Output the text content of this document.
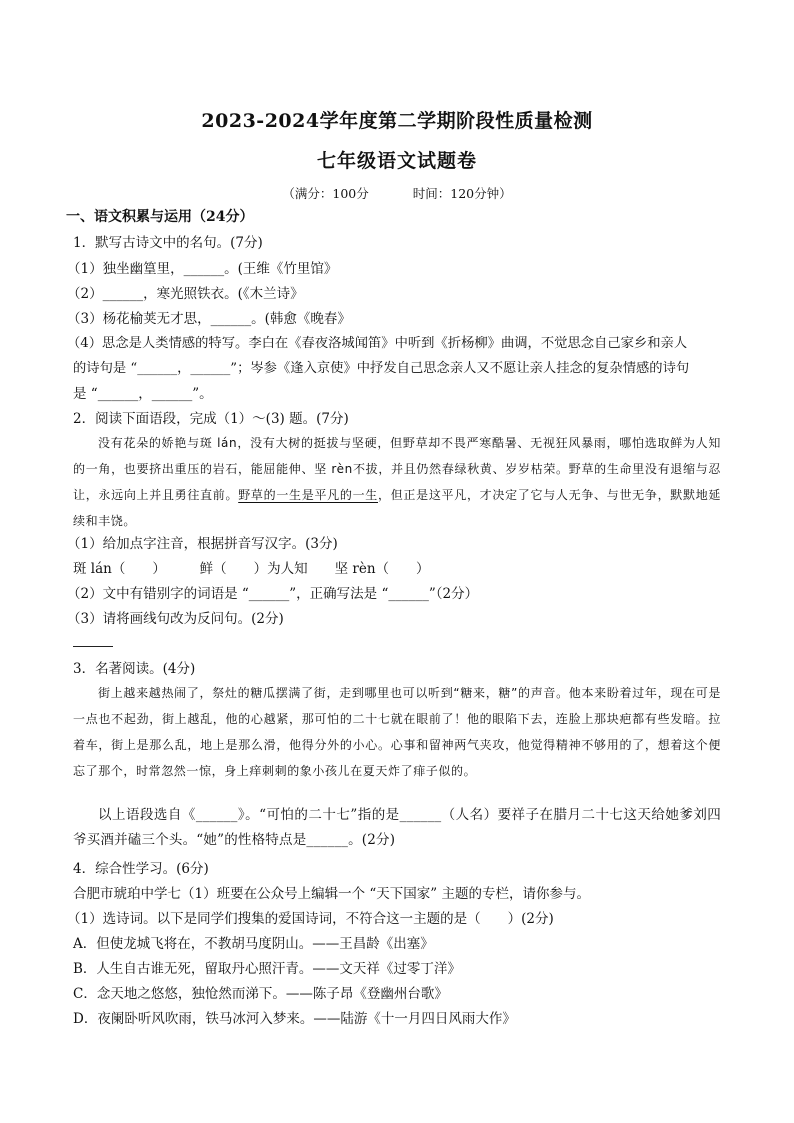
2023-2024学年度第二学期阶段性质量检测
七年级语文试题卷
（满分：100分	时间：120分钟）
一、语文积累与运用（24分）
1．默写古诗文中的名句。(7分)
（1）独坐幽篁里，______。(王维《竹里馆》
（2）______，寒光照铁衣。(《木兰诗》
（3）杨花榆荚无才思，______。(韩愈《晚春》
（4）思念是人类情感的特写。李白在《春夜洛城闻笛》中听到《折杨柳》曲调，不觉思念自己家乡和亲人
的诗句是 “______，______”；岑参《逢入京使》中抒发自己思念亲人又不愿让亲人挂念的复杂情感的诗句
是 “______，______”。
2．阅读下面语段，完成（1）～(3) 题。(7分)
没有花朵的娇艳与斑 lán，没有大树的挺拔与坚硬，但野草却不畏严寒酷暑、无视狂风暴雨，哪怕选取鲜为人知的一角，也要挤出重压的岩石，能屈能伸、坚 rèn不拔，并且仍然春绿秋黄、岁岁枯荣。野草的生命里没有退缩与忍让，永远向上并且勇往直前。野草的一生是平凡的一生，但正是这平凡，才决定了它与人无争、与世无争，默默地延续和丰饶。
（1）给加点字注音，根据拼音写汉字。(3分)
斑 lán（　　）　　　鲜（　　）为人知　　坚 rèn（　　）
（2）文中有错别字的词语是 “______”，正确写法是 “______”（2分）
（3）请将画线句改为反问句。(2分)
3．名著阅读。(4分)
街上越来越热闹了，祭灶的糖瓜摆满了街，走到哪里也可以听到“糖来，糖”的声音。他本来盼着过年，现在可是一点也不起劲，街上越乱，他的心越紧，那可怕的二十七就在眼前了！他的眼陷下去，连脸上那块疤都有些发暗。拉着车，街上是那么乱，地上是那么滑，他得分外的小心。心事和留神两气夹攻，他觉得精神不够用的了，想着这个便忘了那个，时常忽然一惊，身上痒刺刺的象小孩儿在夏天炸了痱子似的。
以上语段选自《______》。“可怕的二十七”指的是______（人名）要祥子在腊月二十七这天给她爹刘四爷买酒并磕三个头。“她”的性格特点是______。(2分)
4．综合性学习。(6分)
合肥市琥珀中学七（1）班要在公众号上编辑一个 “天下国家” 主题的专栏，请你参与。
（1）选诗词。以下是同学们搜集的爱国诗词，不符合这一主题的是（　　）(2分)
A．但使龙城飞将在，不教胡马度阴山。——王昌龄《出塞》
B．人生自古谁无死，留取丹心照汗青。——文天祥《过零丁洋》
C．念天地之悠悠，独怆然而涕下。——陈子昂《登幽州台歌》
D．夜阑卧听风吹雨，铁马冰河入梦来。——陆游《十一月四日风雨大作》
